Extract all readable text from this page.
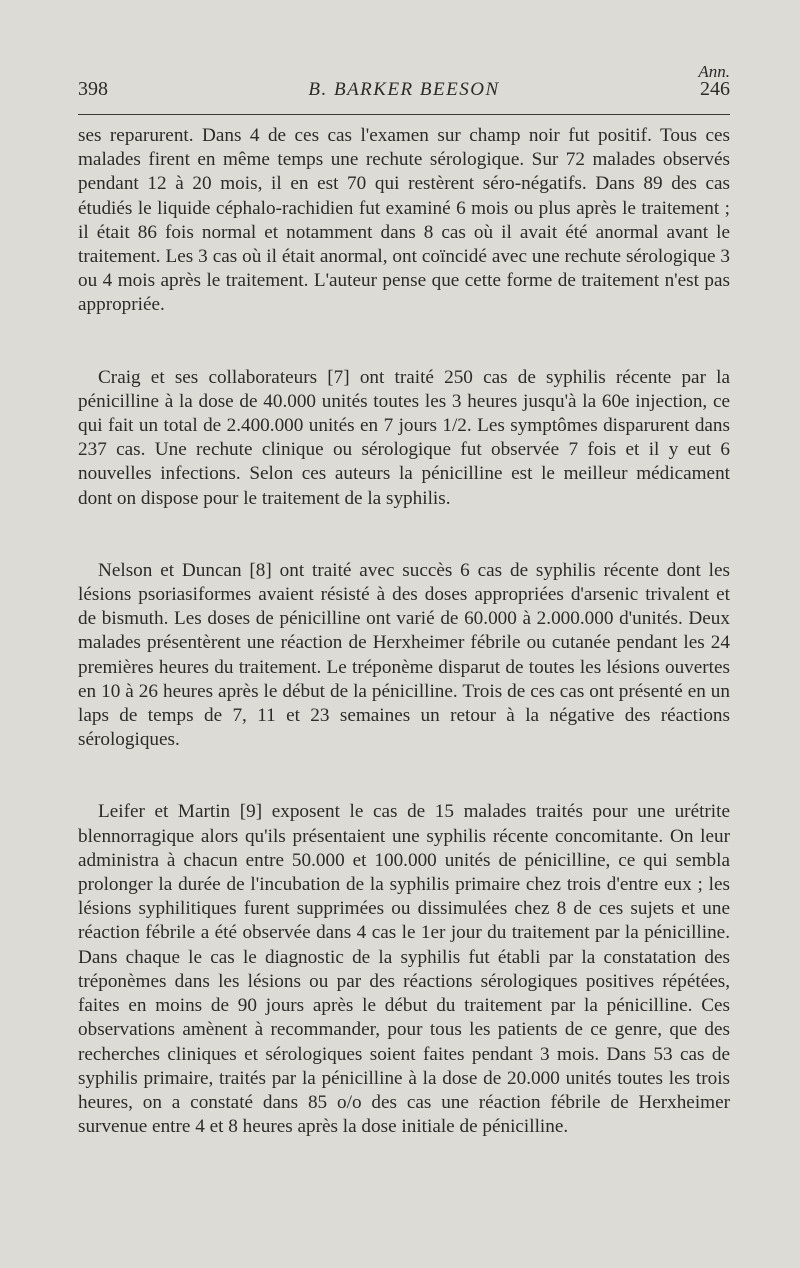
Ann.
398	B. BARKER BEESON	246

ses reparurent. Dans 4 de ces cas l'examen sur champ noir fut positif. Tous ces malades firent en même temps une rechute sérologique. Sur 72 malades observés pendant 12 à 20 mois, il en est 70 qui restèrent séro-négatifs. Dans 89 des cas étudiés le liquide céphalo-rachidien fut examiné 6 mois ou plus après le traitement ; il était 86 fois normal et notamment dans 8 cas où il avait été anormal avant le traitement. Les 3 cas où il était anormal, ont coïncidé avec une rechute sérologique 3 ou 4 mois après le traitement. L'auteur pense que cette forme de traitement n'est pas appropriée.

Craig et ses collaborateurs [7] ont traité 250 cas de syphilis récente par la pénicilline à la dose de 40.000 unités toutes les 3 heures jusqu'à la 60e injection, ce qui fait un total de 2.400.000 unités en 7 jours 1/2. Les symptômes disparurent dans 237 cas. Une rechute clinique ou sérologique fut observée 7 fois et il y eut 6 nouvelles infections. Selon ces auteurs la pénicilline est le meilleur médicament dont on dispose pour le traitement de la syphilis.

Nelson et Duncan [8] ont traité avec succès 6 cas de syphilis récente dont les lésions psoriasiformes avaient résisté à des doses appropriées d'arsenic trivalent et de bismuth. Les doses de pénicilline ont varié de 60.000 à 2.000.000 d'unités. Deux malades présentèrent une réaction de Herxheimer fébrile ou cutanée pendant les 24 premières heures du traitement. Le tréponème disparut de toutes les lésions ouvertes en 10 à 26 heures après le début de la pénicilline. Trois de ces cas ont présenté en un laps de temps de 7, 11 et 23 semaines un retour à la négative des réactions sérologiques.

Leifer et Martin [9] exposent le cas de 15 malades traités pour une urétrite blennorragique alors qu'ils présentaient une syphilis récente concomitante. On leur administra à chacun entre 50.000 et 100.000 unités de pénicilline, ce qui sembla prolonger la durée de l'incubation de la syphilis primaire chez trois d'entre eux ; les lésions syphilitiques furent supprimées ou dissimulées chez 8 de ces sujets et une réaction fébrile a été observée dans 4 cas le 1er jour du traitement par la pénicilline. Dans chaque le cas le diagnostic de la syphilis fut établi par la constatation des tréponèmes dans les lésions ou par des réactions sérologiques positives répétées, faites en moins de 90 jours après le début du traitement par la pénicilline. Ces observations amènent à recommander, pour tous les patients de ce genre, que des recherches cliniques et sérologiques soient faites pendant 3 mois. Dans 53 cas de syphilis primaire, traités par la pénicilline à la dose de 20.000 unités toutes les trois heures, on a constaté dans 85 o/o des cas une réaction fébrile de Herxheimer survenue entre 4 et 8 heures après la dose initiale de pénicilline.
